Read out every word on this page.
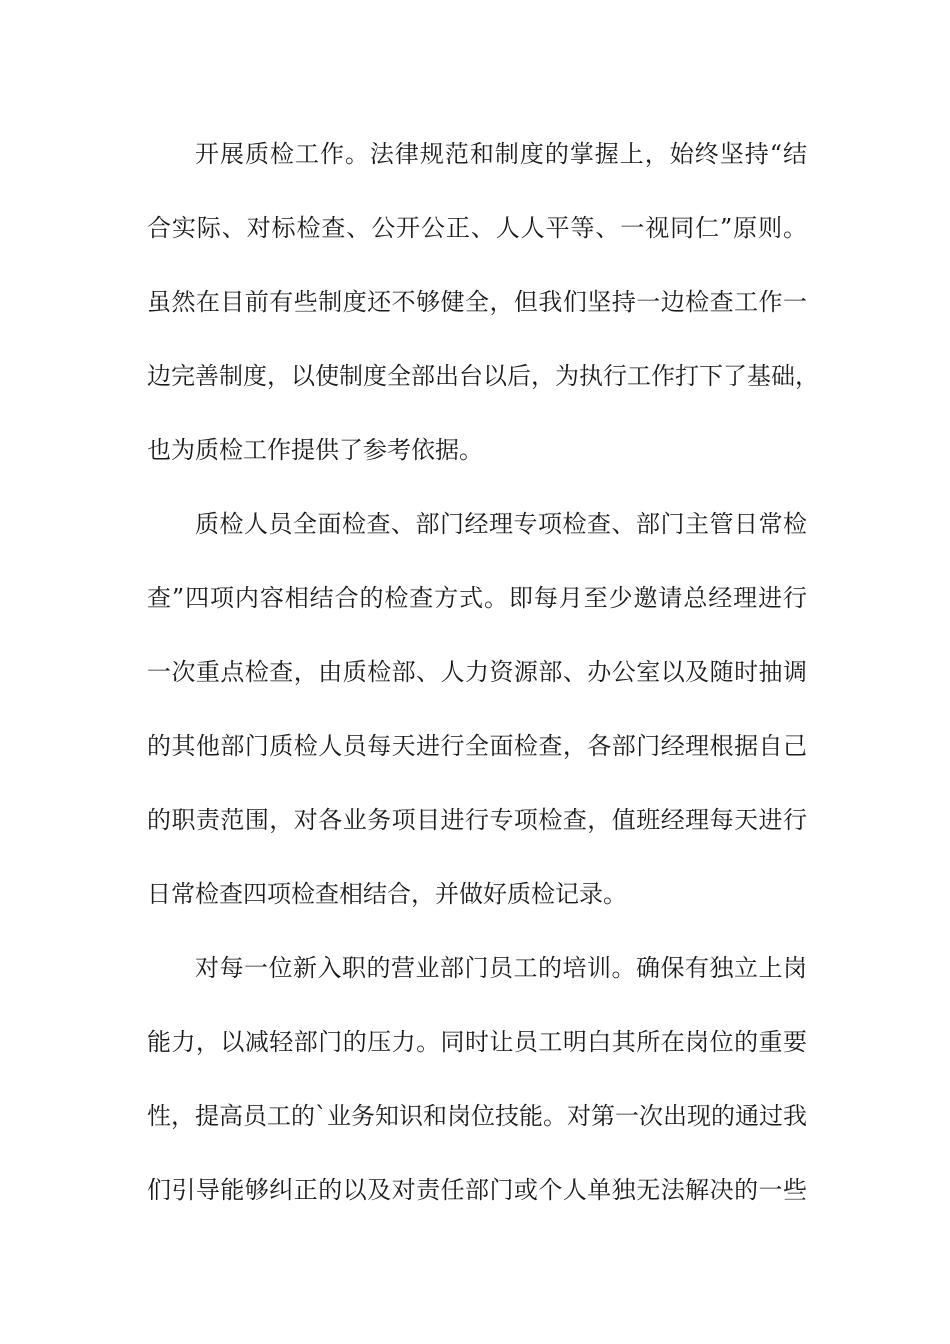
开展质检工作。法律规范和制度的掌握上，始终坚持“结
合实际、对标检查、公开公正、人人平等、一视同仁”原则。
虽然在目前有些制度还不够健全，但我们坚持一边检查工作一
边完善制度，以使制度全部出台以后，为执行工作打下了基础，
也为质检工作提供了参考依据。
质检人员全面检查、部门经理专项检查、部门主管日常检
查”四项内容相结合的检查方式。即每月至少邀请总经理进行
一次重点检查，由质检部、人力资源部、办公室以及随时抽调
的其他部门质检人员每天进行全面检查，各部门经理根据自己
的职责范围，对各业务项目进行专项检查，值班经理每天进行
日常检查四项检查相结合，并做好质检记录。
对每一位新入职的营业部门员工的培训。确保有独立上岗
能力，以减轻部门的压力。同时让员工明白其所在岗位的重要
性，提高员工的`业务知识和岗位技能。对第一次出现的通过我
们引导能够纠正的以及对责任部门或个人单独无法解决的一些
